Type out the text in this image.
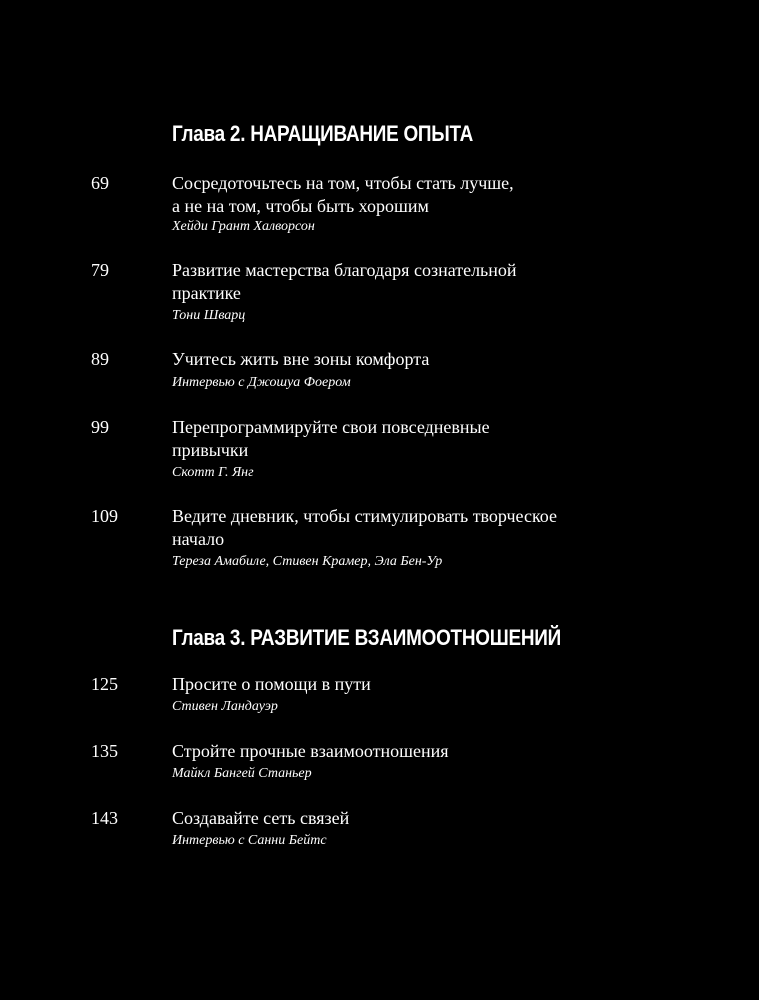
Глава 2. НАРАЩИВАНИЕ ОПЫТА
69	Сосредоточьтесь на том, чтобы стать лучше,
а не на том, чтобы быть хорошим
Хейди Грант Халворсон
79	Развитие мастерства благодаря сознательной
практике
Тони Шварц
89	Учитесь жить вне зоны комфорта
Интервью с Джошуа Фоером
99	Перепрограммируйте свои повседневные
привычки
Скотт Г. Янг
109	Ведите дневник, чтобы стимулировать творческое
начало
Тереза Амабиле, Стивен Крамер, Эла Бен-Ур
Глава 3. РАЗВИТИЕ ВЗАИМООТНОШЕНИЙ
125	Просите о помощи в пути
Стивен Ландауэр
135	Стройте прочные взаимоотношения
Майкл Бангей Станьер
143	Создавайте сеть связей
Интервью с Санни Бейтс
